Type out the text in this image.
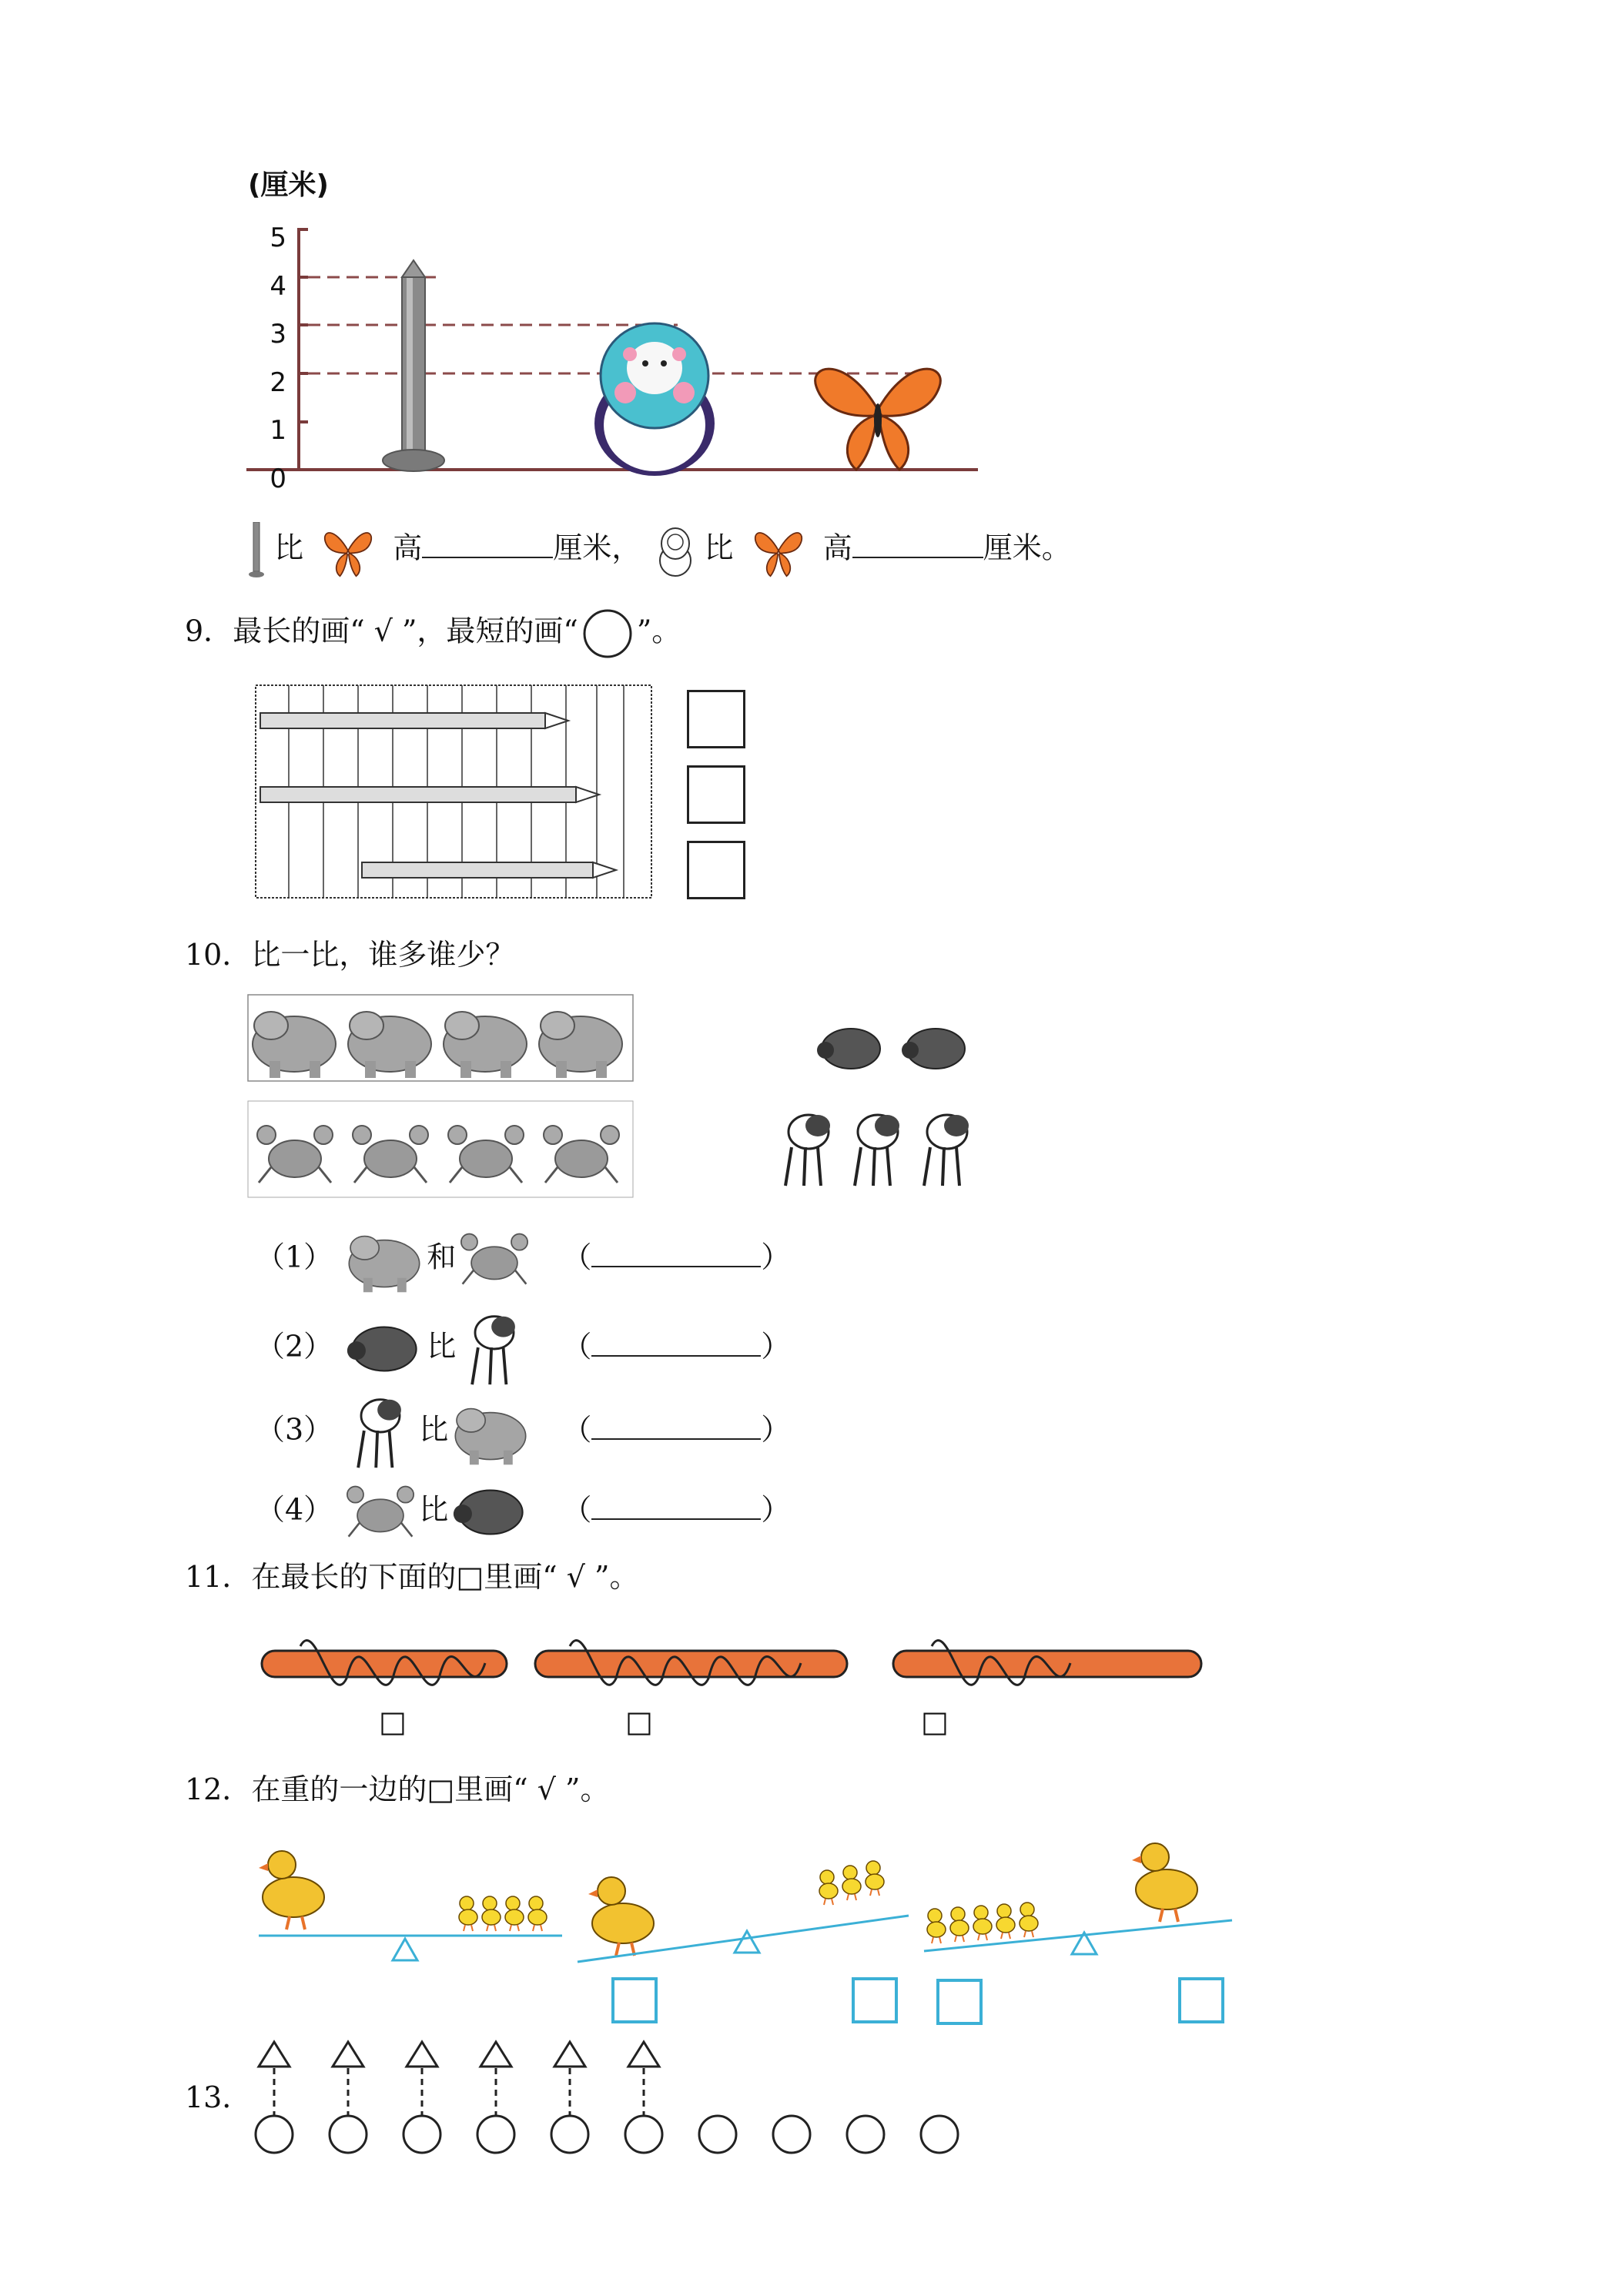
(厘米)
5
4
3
2
1
0
比	高	厘米， 比	高	厘米。
9．最长的画“ √ ”，最短的画“ ”。
10．比一比，谁多谁少？
（1）	和	（	）
（2）	比	（	）
（3）	比	（	）
（4）	比	（	）
11．在最长的下面的□里画“ √ ”。
□	□	□
12．在重的一边的□里画“ √ ”。
13．
